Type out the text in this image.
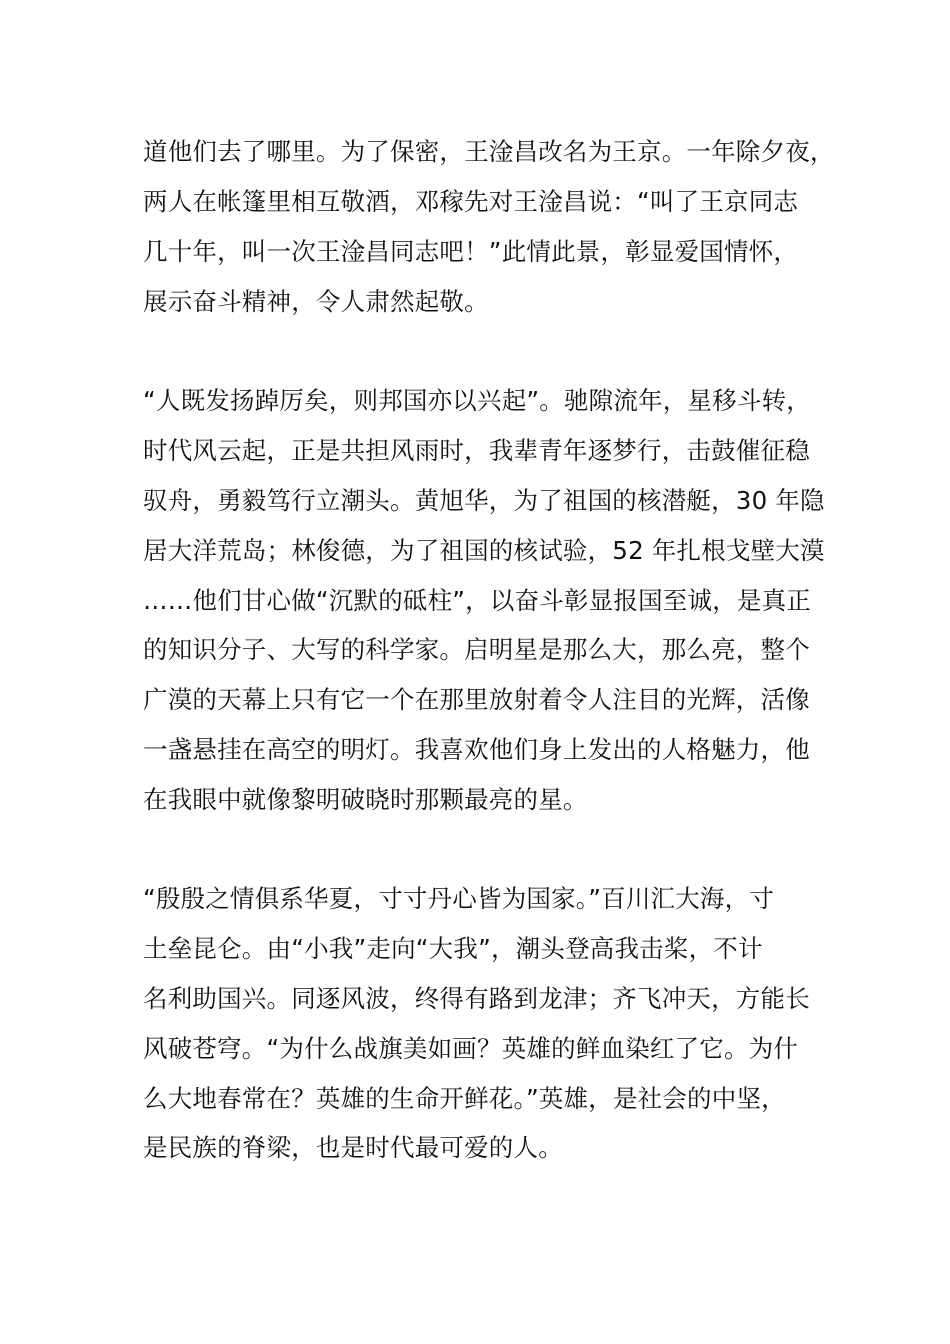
道他们去了哪里。为了保密，王淦昌改名为王京。一年除夕夜，
两人在帐篷里相互敬酒，邓稼先对王淦昌说：“叫了王京同志
几十年，叫一次王淦昌同志吧！”此情此景，彰显爱国情怀，
展示奋斗精神，令人肃然起敬。
“人既发扬踔厉矣，则邦国亦以兴起”。驰隙流年，星移斗转，
时代风云起，正是共担风雨时，我辈青年逐梦行，击鼓催征稳
驭舟，勇毅笃行立潮头。黄旭华，为了祖国的核潜艇，30 年隐
居大洋荒岛；林俊德，为了祖国的核试验，52 年扎根戈壁大漠
……他们甘心做“沉默的砥柱”，以奋斗彰显报国至诚，是真正
的知识分子、大写的科学家。启明星是那么大，那么亮，整个
广漠的天幕上只有它一个在那里放射着令人注目的光辉，活像
一盏悬挂在高空的明灯。我喜欢他们身上发出的人格魅力，他
在我眼中就像黎明破晓时那颗最亮的星。
“殷殷之情俱系华夏，寸寸丹心皆为国家。”百川汇大海，寸
土垒昆仑。由“小我”走向“大我”，潮头登高我击桨，不计
名利助国兴。同逐风波，终得有路到龙津；齐飞冲天，方能长
风破苍穹。“为什么战旗美如画？英雄的鲜血染红了它。为什
么大地春常在？英雄的生命开鲜花。”英雄，是社会的中坚，
是民族的脊梁，也是时代最可爱的人。
